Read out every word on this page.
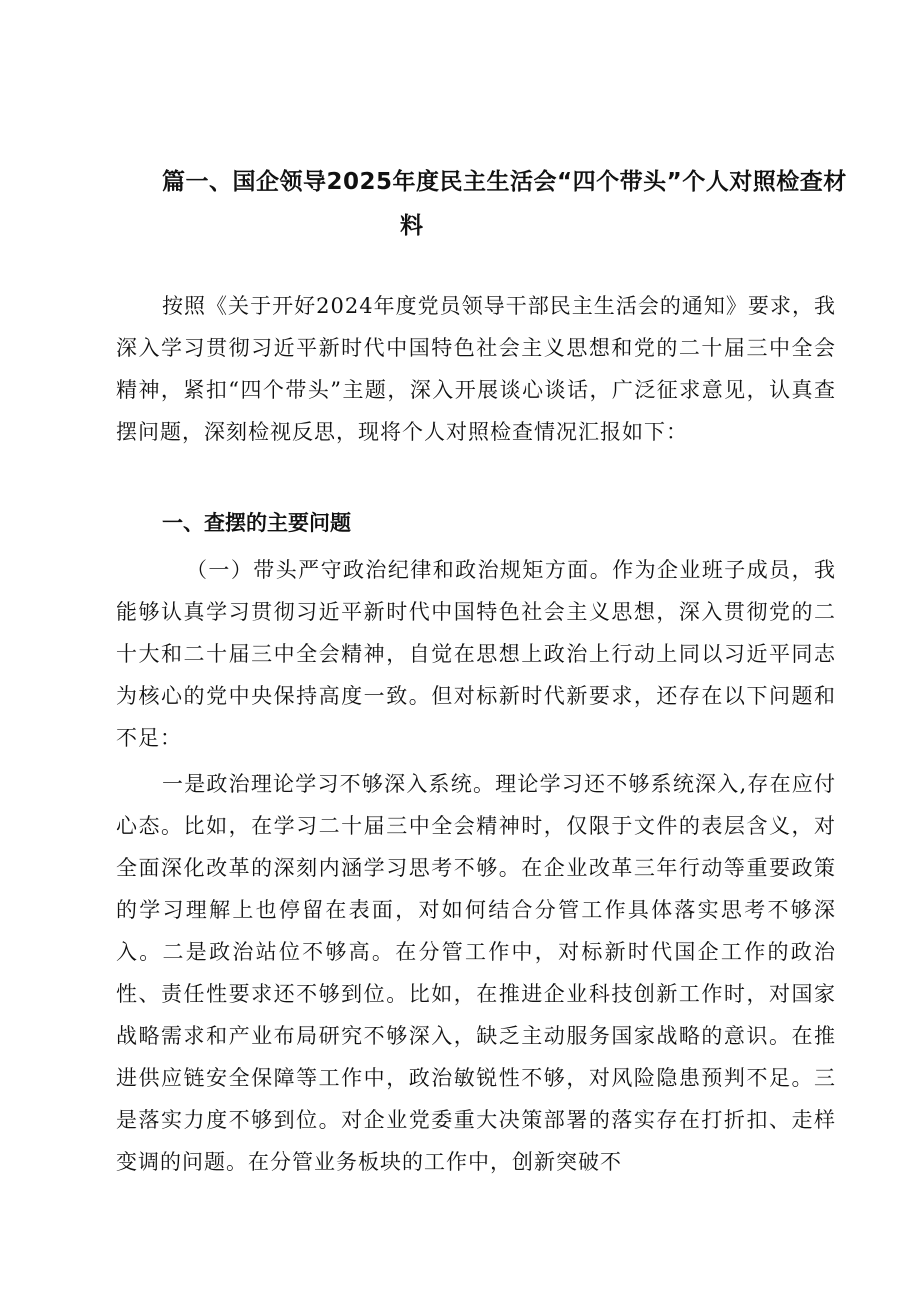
篇一、国企领导2025年度民主生活会“四个带头”个人对照检查材
料

按照《关于开好2024年度党员领导干部民主生活会的通知》要求，我深入学习贯彻习近平新时代中国特色社会主义思想和党的二十届三中全会精神，紧扣“四个带头”主题，深入开展谈心谈话，广泛征求意见，认真查摆问题，深刻检视反思，现将个人对照检查情况汇报如下：

一、查摆的主要问题

（一）带头严守政治纪律和政治规矩方面。作为企业班子成员，我能够认真学习贯彻习近平新时代中国特色社会主义思想，深入贯彻党的二十大和二十届三中全会精神，自觉在思想上政治上行动上同以习近平同志为核心的党中央保持高度一致。但对标新时代新要求，还存在以下问题和不足：

一是政治理论学习不够深入系统。理论学习还不够系统深入,存在应付心态。比如，在学习二十届三中全会精神时，仅限于文件的表层含义，对全面深化改革的深刻内涵学习思考不够。在企业改革三年行动等重要政策的学习理解上也停留在表面，对如何结合分管工作具体落实思考不够深入。二是政治站位不够高。在分管工作中，对标新时代国企工作的政治性、责任性要求还不够到位。比如，在推进企业科技创新工作时，对国家战略需求和产业布局研究不够深入，缺乏主动服务国家战略的意识。在推进供应链安全保障等工作中，政治敏锐性不够，对风险隐患预判不足。三是落实力度不够到位。对企业党委重大决策部署的落实存在打折扣、走样变调的问题。在分管业务板块的工作中，创新突破不
